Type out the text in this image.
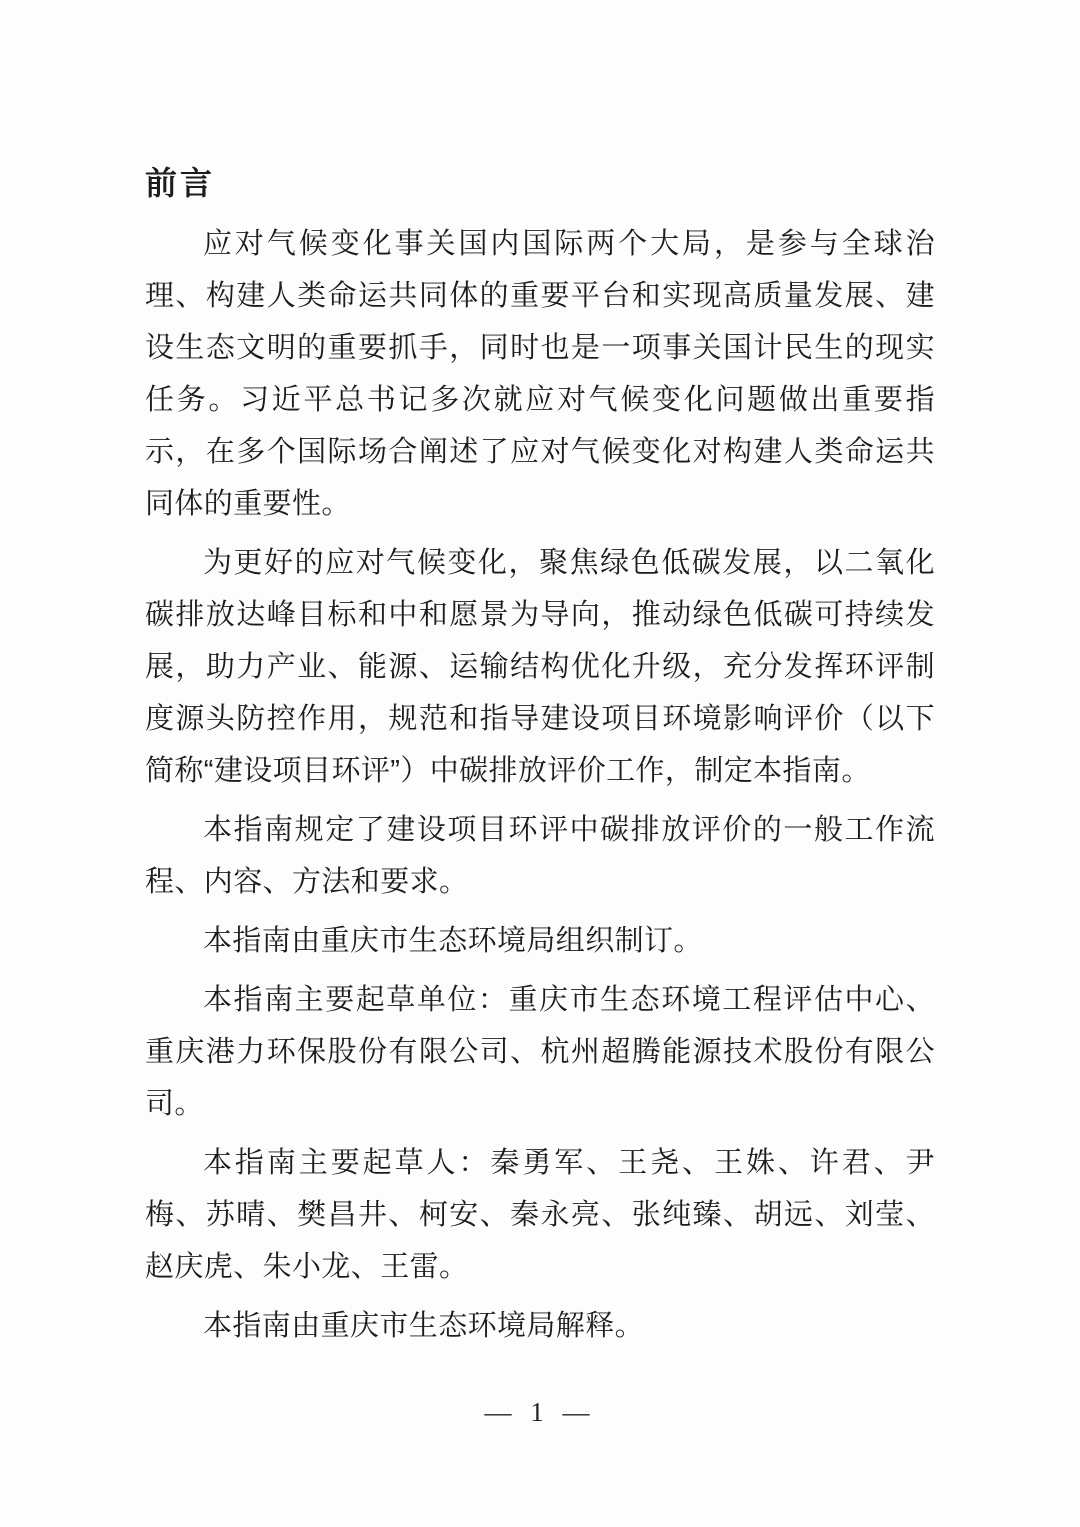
前言

应对气候变化事关国内国际两个大局，是参与全球治理、构建人类命运共同体的重要平台和实现高质量发展、建设生态文明的重要抓手，同时也是一项事关国计民生的现实任务。习近平总书记多次就应对气候变化问题做出重要指示，在多个国际场合阐述了应对气候变化对构建人类命运共同体的重要性。

为更好的应对气候变化，聚焦绿色低碳发展，以二氧化碳排放达峰目标和中和愿景为导向，推动绿色低碳可持续发展，助力产业、能源、运输结构优化升级，充分发挥环评制度源头防控作用，规范和指导建设项目环境影响评价（以下简称“建设项目环评”）中碳排放评价工作，制定本指南。

本指南规定了建设项目环评中碳排放评价的一般工作流程、内容、方法和要求。

本指南由重庆市生态环境局组织制订。

本指南主要起草单位：重庆市生态环境工程评估中心、重庆港力环保股份有限公司、杭州超腾能源技术股份有限公司。

本指南主要起草人：秦勇军、王尧、王姝、许君、尹梅、苏晴、樊昌井、柯安、秦永亮、张纯臻、胡远、刘莹、赵庆虎、朱小龙、王雷。

本指南由重庆市生态环境局解释。

— 1 —
